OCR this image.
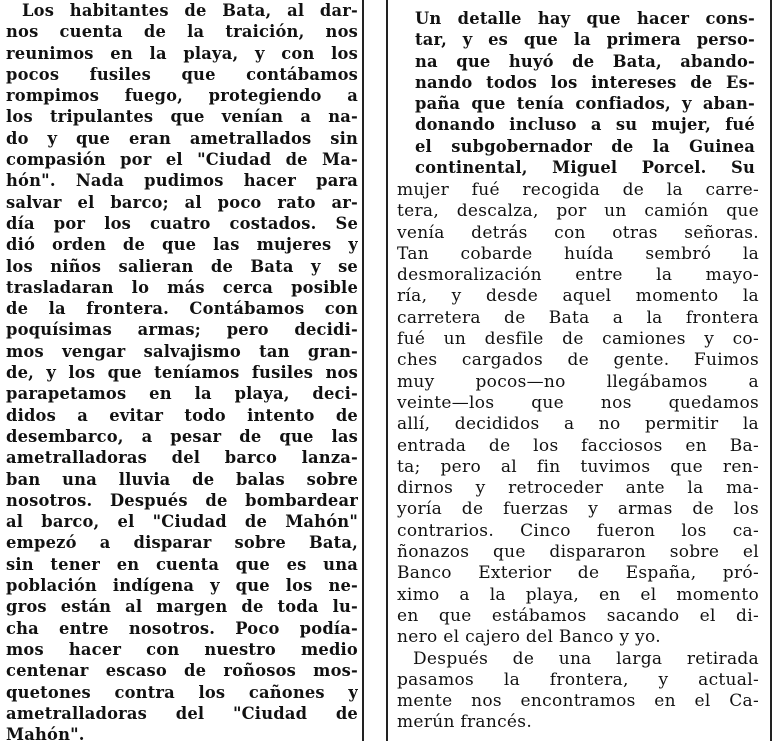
Los habitantes de Bata, al dar-
nos cuenta de la traición, nos
reunimos en la playa, y con los
pocos fusiles que contábamos
rompimos fuego, protegiendo a
los tripulantes que venían a na-
do y que eran ametrallados sin
compasión por el "Ciudad de Ma-
hón". Nada pudimos hacer para
salvar el barco; al poco rato ar-
día por los cuatro costados. Se
dió orden de que las mujeres y
los niños salieran de Bata y se
trasladaran lo más cerca posible
de la frontera. Contábamos con
poquísimas armas; pero decidi-
mos vengar salvajismo tan gran-
de, y los que teníamos fusiles nos
parapetamos en la playa, deci-
didos a evitar todo intento de
desembarco, a pesar de que las
ametralladoras del barco lanza-
ban una lluvia de balas sobre
nosotros. Después de bombardear
al barco, el "Ciudad de Mahón"
empezó a disparar sobre Bata,
sin tener en cuenta que es una
población indígena y que los ne-
gros están al margen de toda lu-
cha entre nosotros. Poco podía-
mos hacer con nuestro medio
centenar escaso de roñosos mos-
quetones contra los cañones y
ametralladoras del "Ciudad de
Mahón".
Un detalle hay que hacer cons-
tar, y es que la primera perso-
na que huyó de Bata, abando-
nando todos los intereses de Es-
paña que tenía confiados, y aban-
donando incluso a su mujer, fué
el subgobernador de la Guinea
continental, Miguel Porcel. Su
mujer fué recogida de la carre-
tera, descalza, por un camión que
venía detrás con otras señoras.
Tan cobarde huída sembró la
desmoralización entre la mayo-
ría, y desde aquel momento la
carretera de Bata a la frontera
fué un desfile de camiones y co-
ches cargados de gente. Fuimos
muy pocos—no llegábamos a
veinte—los que nos quedamos
allí, decididos a no permitir la
entrada de los facciosos en Ba-
ta; pero al fin tuvimos que ren-
dirnos y retroceder ante la ma-
yoría de fuerzas y armas de los
contrarios. Cinco fueron los ca-
ñonazos que dispararon sobre el
Banco Exterior de España, pró-
ximo a la playa, en el momento
en que estábamos sacando el di-
nero el cajero del Banco y yo.
Después de una larga retirada
pasamos la frontera, y actual-
mente nos encontramos en el Ca-
merún francés.
